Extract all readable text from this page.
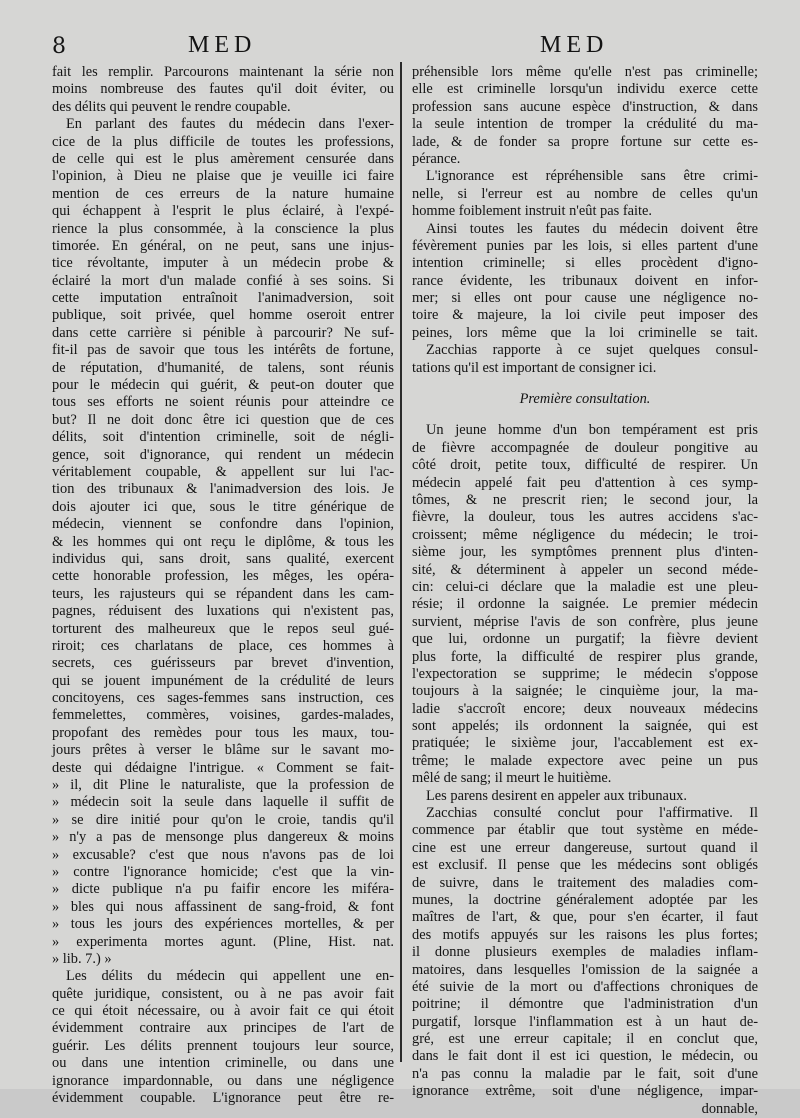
8	MED	MED
fait les remplir. Parcourons maintenant la série non
moins nombreuse des fautes qu'il doit éviter, ou
des délits qui peuvent le rendre coupable.
En parlant des fautes du médecin dans l'exer-
cice de la plus difficile de toutes les professions,
de celle qui est le plus amèrement censurée dans
l'opinion, à Dieu ne plaise que je veuille ici faire
mention de ces erreurs de la nature humaine
qui échappent à l'esprit le plus éclairé, à l'expé-
rience la plus consommée, à la conscience la plus
timorée. En général, on ne peut, sans une injus-
tice révoltante, imputer à un médecin probe &
éclairé la mort d'un malade confié à ses soins. Si
cette imputation entraînoit l'animadversion, soit
publique, soit privée, quel homme oseroit entrer
dans cette carrière si pénible à parcourir? Ne suf-
fit-il pas de savoir que tous les intérêts de fortune,
de réputation, d'humanité, de talens, sont réunis
pour le médecin qui guérit, & peut-on douter que
tous ses efforts ne soient réunis pour atteindre ce
but? Il ne doit donc être ici question que de ces
délits, soit d'intention criminelle, soit de négli-
gence, soit d'ignorance, qui rendent un médecin
véritablement coupable, & appellent sur lui l'ac-
tion des tribunaux & l'animadversion des lois. Je
dois ajouter ici que, sous le titre générique de
médecin, viennent se confondre dans l'opinion,
& les hommes qui ont reçu le diplôme, & tous les
individus qui, sans droit, sans qualité, exercent
cette honorable profession, les mêges, les opéra-
teurs, les rajusteurs qui se répandent dans les cam-
pagnes, réduisent des luxations qui n'existent pas,
torturent des malheureux que le repos seul gué-
riroit; ces charlatans de place, ces hommes à
secrets, ces guérisseurs par brevet d'invention,
qui se jouent impunément de la crédulité de leurs
concitoyens, ces sages-femmes sans instruction, ces
femmelettes, commères, voisines, gardes-malades,
propofant des remèdes pour tous les maux, tou-
jours prêtes à verser le blâme sur le savant mo-
deste qui dédaigne l'intrigue. « Comment se fait-
» il, dit Pline le naturaliste, que la profession de
» médecin soit la seule dans laquelle il suffit de
» se dire initié pour qu'on le croie, tandis qu'il
» n'y a pas de mensonge plus dangereux & moins
» excusable? c'est que nous n'avons pas de loi
» contre l'ignorance homicide; c'est que la vin-
» dicte publique n'a pu faifir encore les miféra-
» bles qui nous affassinent de sang-froid, & font
» tous les jours des expériences mortelles, & per
» experimenta mortes agunt. (Pline, Hist. nat.
» lib. 7.) »
Les délits du médecin qui appellent une en-
quête juridique, consistent, ou à ne pas avoir fait
ce qui étoit nécessaire, ou à avoir fait ce qui étoit
évidemment contraire aux principes de l'art de
guérir. Les délits prennent toujours leur source,
ou dans une intention criminelle, ou dans une
ignorance impardonnable, ou dans une négligence
évidemment coupable. L'ignorance peut être re-
préhensible lors même qu'elle n'est pas criminelle;
elle est criminelle lorsqu'un individu exerce cette
profession sans aucune espèce d'instruction, & dans
la seule intention de tromper la crédulité du ma-
lade, & de fonder sa propre fortune sur cette es-
pérance.
L'ignorance est répréhensible sans être crimi-
nelle, si l'erreur est au nombre de celles qu'un
homme foiblement instruit n'eût pas faite.
Ainsi toutes les fautes du médecin doivent être
févèrement punies par les lois, si elles partent d'une
intention criminelle; si elles procèdent d'igno-
rance évidente, les tribunaux doivent en infor-
mer; si elles ont pour cause une négligence no-
toire & majeure, la loi civile peut imposer des
peines, lors même que la loi criminelle se tait.
Zacchias rapporte à ce sujet quelques consul-
tations qu'il est important de consigner ici.
Première consultation.
Un jeune homme d'un bon tempérament est pris
de fièvre accompagnée de douleur pongitive au
côté droit, petite toux, difficulté de respirer. Un
médecin appelé fait peu d'attention à ces symp-
tômes, & ne prescrit rien; le second jour, la
fièvre, la douleur, tous les autres accidens s'ac-
croissent; même négligence du médecin; le troi-
sième jour, les symptômes prennent plus d'inten-
sité, & déterminent à appeler un second méde-
cin: celui-ci déclare que la maladie est une pleu-
résie; il ordonne la saignée. Le premier médecin
survient, méprise l'avis de son confrère, plus jeune
que lui, ordonne un purgatif; la fièvre devient
plus forte, la difficulté de respirer plus grande,
l'expectoration se supprime; le médecin s'oppose
toujours à la saignée; le cinquième jour, la ma-
ladie s'accroît encore; deux nouveaux médecins
sont appelés; ils ordonnent la saignée, qui est
pratiquée; le sixième jour, l'accablement est ex-
trême; le malade expectore avec peine un pus
mêlé de sang; il meurt le huitième.
Les parens desirent en appeler aux tribunaux.
Zacchias consulté conclut pour l'affirmative. Il
commence par établir que tout système en méde-
cine est une erreur dangereuse, surtout quand il
est exclusif. Il pense que les médecins sont obligés
de suivre, dans le traitement des maladies com-
munes, la doctrine généralement adoptée par les
maîtres de l'art, & que, pour s'en écarter, il faut
des motifs appuyés sur les raisons les plus fortes;
il donne plusieurs exemples de maladies inflam-
matoires, dans lesquelles l'omission de la saignée a
été suivie de la mort ou d'affections chroniques de
poitrine; il démontre que l'administration d'un
purgatif, lorsque l'inflammation est à un haut de-
gré, est une erreur capitale; il en conclut que,
dans le fait dont il est ici question, le médecin, ou
n'a pas connu la maladie par le fait, soit d'une
ignorance extrême, soit d'une négligence, impar-
donnable,
